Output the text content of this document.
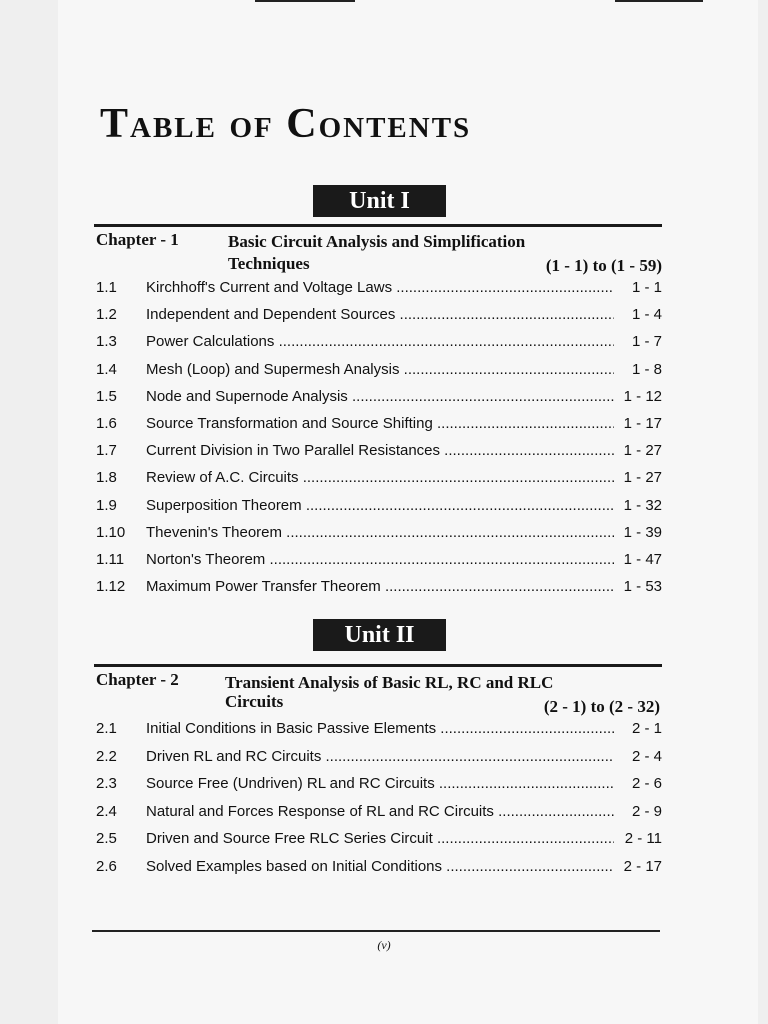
Table of Contents
Unit I
Chapter - 1	Basic Circuit Analysis and Simplification
Techniques	(1 - 1) to (1 - 59)
1.1 Kirchhoff's Current and Voltage Laws .....	1 - 1
1.2 Independent and Dependent Sources .....	1 - 4
1.3 Power Calculations .....	1 - 7
1.4 Mesh (Loop) and Supermesh Analysis .....	1 - 8
1.5 Node and Supernode Analysis .....	1 - 12
1.6 Source Transformation and Source Shifting .....	1 - 17
1.7 Current Division in Two Parallel Resistances .....	1 - 27
1.8 Review of A.C. Circuits .....	1 - 27
1.9 Superposition Theorem .....	1 - 32
1.10 Thevenin's Theorem .....	1 - 39
1.11 Norton's Theorem .....	1 - 47
1.12 Maximum Power Transfer Theorem .....	1 - 53
Unit II
Chapter - 2	Transient Analysis of Basic RL, RC and RLC
Circuits	(2 - 1) to (2 - 32)
2.1 Initial Conditions in Basic Passive Elements .....	2 - 1
2.2 Driven RL and RC Circuits .....	2 - 4
2.3 Source Free (Undriven) RL and RC Circuits .....	2 - 6
2.4 Natural and Forces Response of RL and RC Circuits .....	2 - 9
2.5 Driven and Source Free RLC Series Circuit .....	2 - 11
2.6 Solved Examples based on Initial Conditions .....	2 - 17
(v)
